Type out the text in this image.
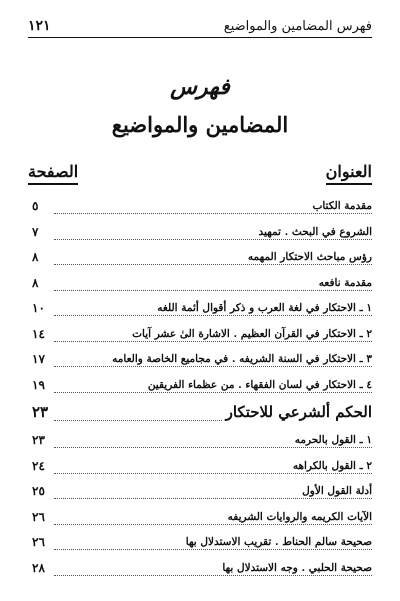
١٢١	فهرس المضامين والمواضيع
فهرس
المضامين والمواضيع
العنوان
الصفحة
مقدمة الكتاب
٥
الشروع في البحث . تمهيد
٧
رؤس مباحث الاحتكار المهمه
٨
مقدمة نافعه
٨
١ ـ الاحتكار في لغة العرب و ذكر أقوال أئمة اللغه
١٠
٢ ـ الاحتكار في القرآن العظيم . الاشارة الیٰ عشر آيات
١٤
٣ ـ الاحتكار في السنة الشريفه . في مجاميع الخاصة والعامه
١٧
٤ ـ الاحتكار في لسان الفقهاء . من عظماء الفريقين
١٩
الحكم ألشرعي للاحتكار
٢٣
١ ـ القول بالحرمه
٢٣
٢ ـ القول بالكراهه
٢٤
أدلة القول الأول
٢٥
الآيات الكريمه والروايات الشريفه
٢٦
صحيحة سالم الحناط . تقريب الاستدلال بها
٢٦
صحيحة الحلبي . وجه الاستدلال بها
٢٨
